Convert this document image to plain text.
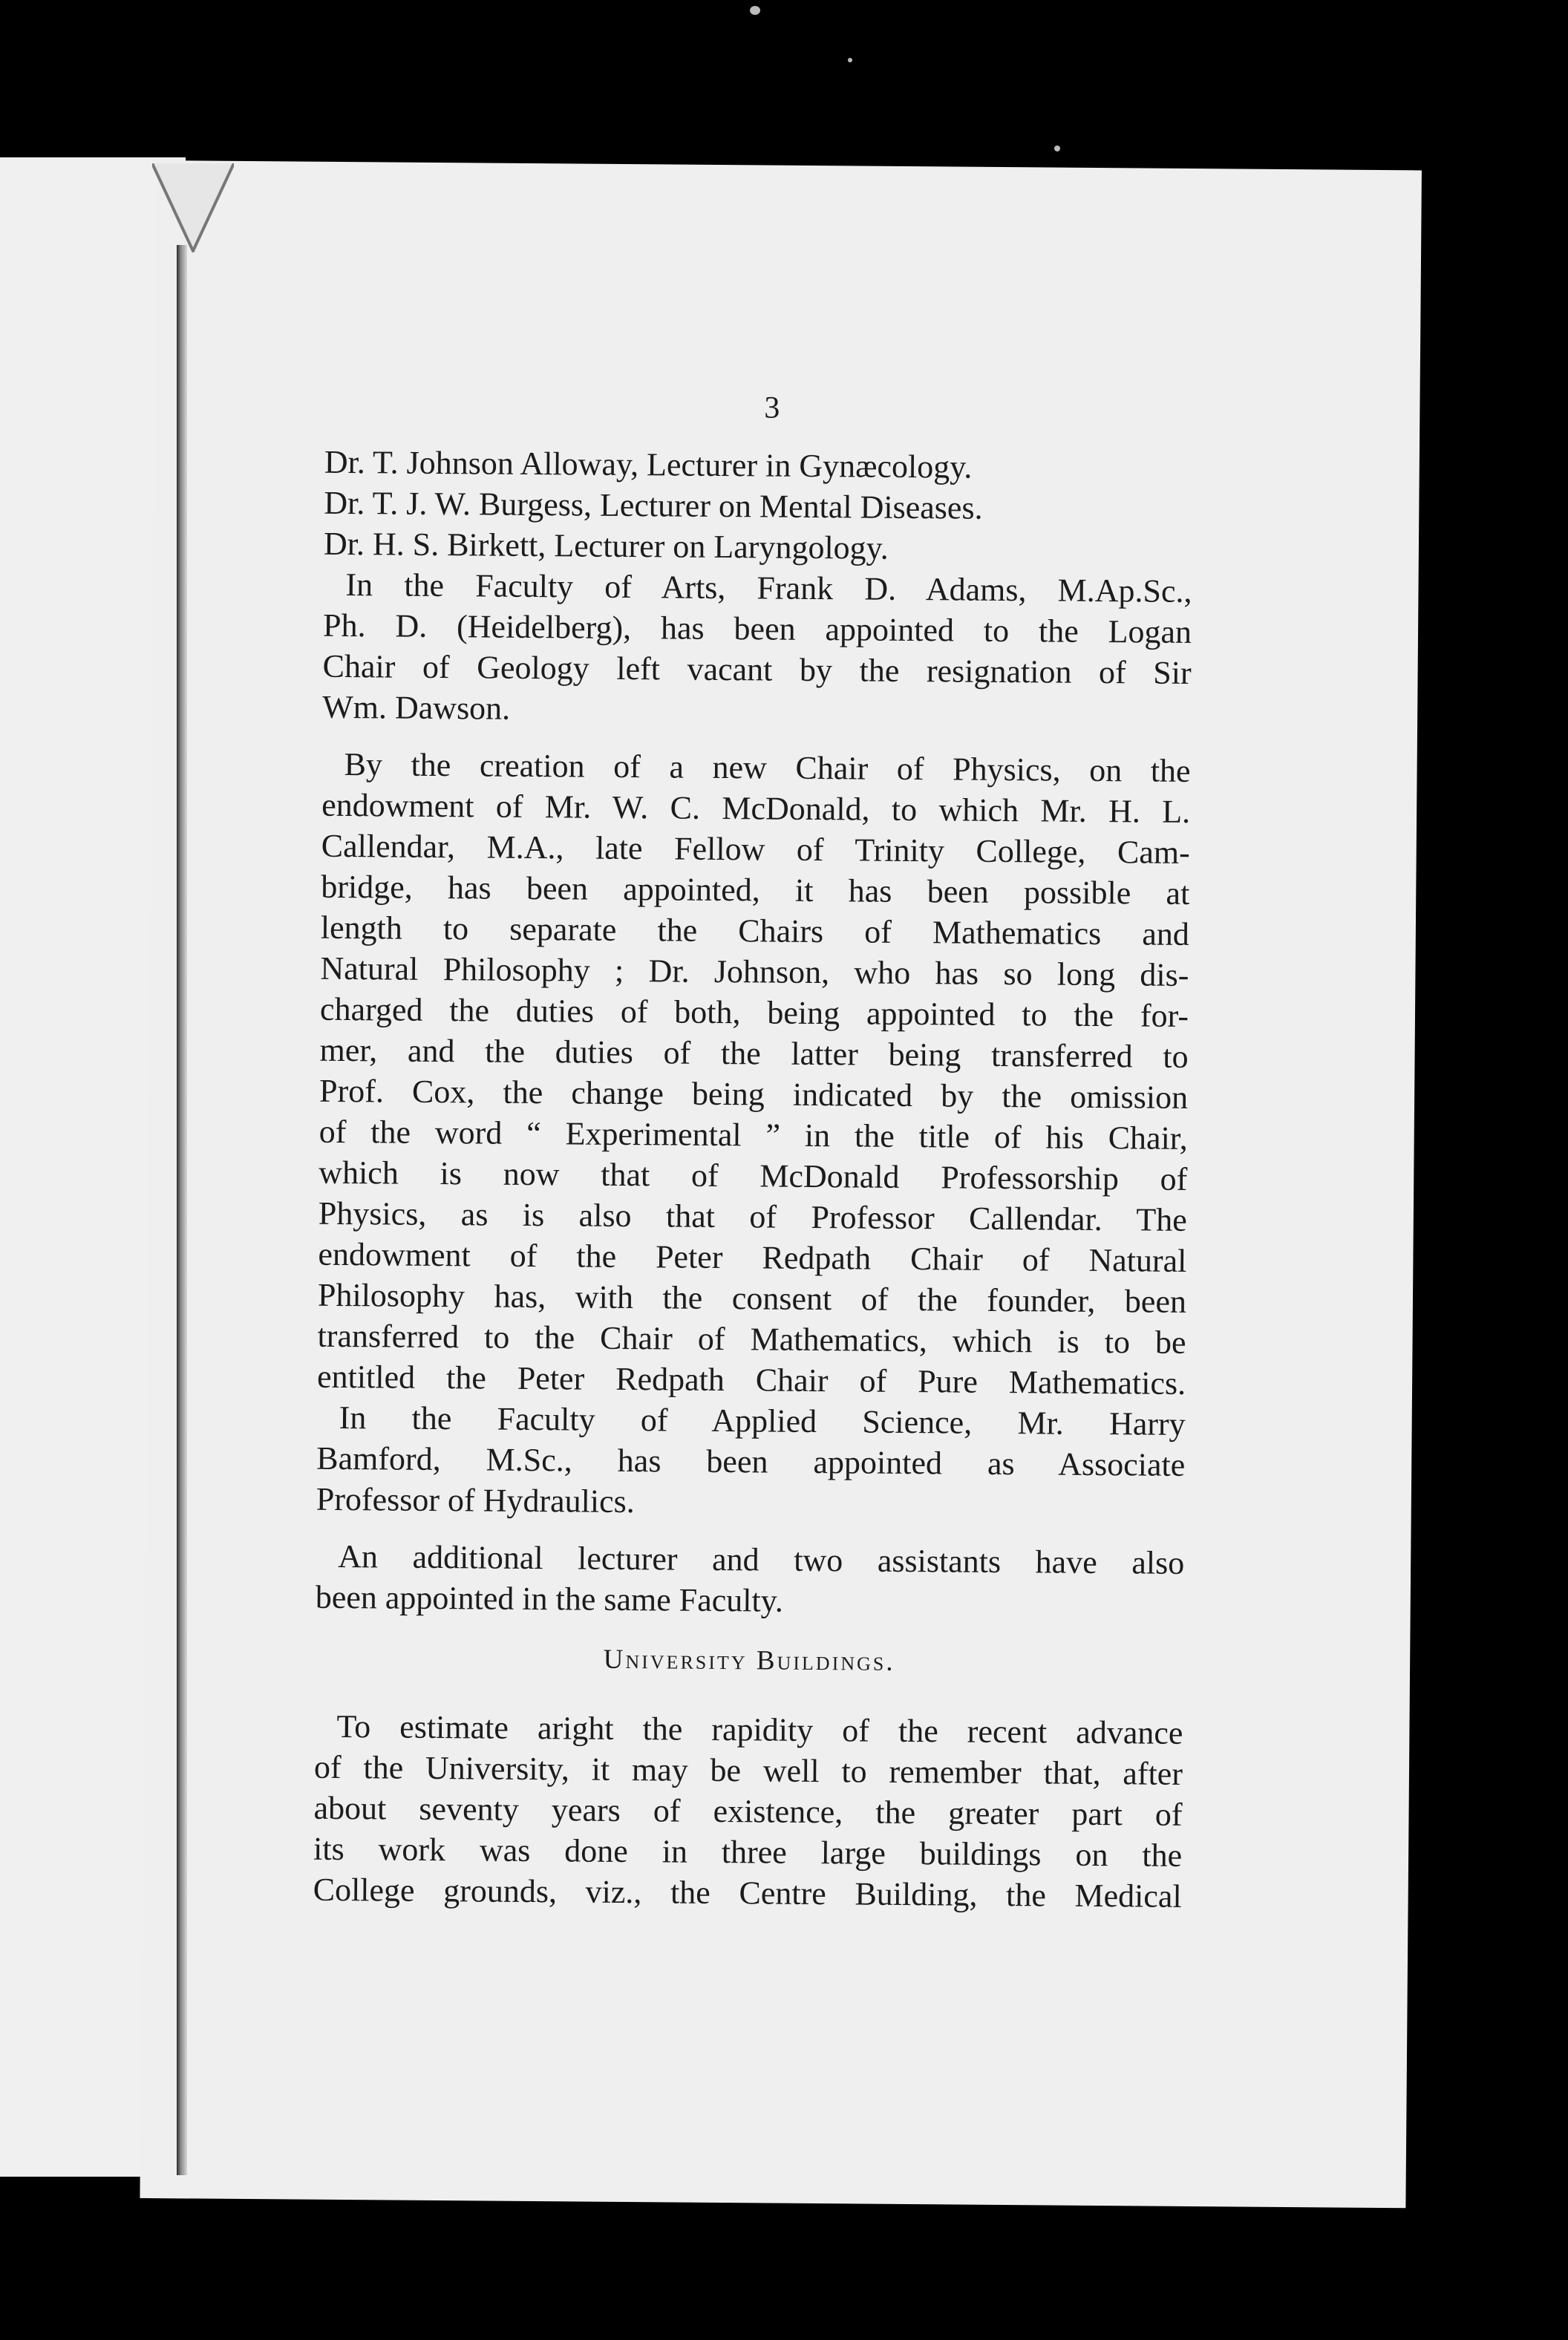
3
Dr. T. Johnson Alloway, Lecturer in Gynæcology.
Dr. T. J. W. Burgess, Lecturer on Mental Diseases.
Dr. H. S. Birkett, Lecturer on Laryngology.
In the Faculty of Arts, Frank D. Adams, M.Ap.Sc.,
Ph. D. (Heidelberg), has been appointed to the Logan
Chair of Geology left vacant by the resignation of Sir
Wm. Dawson.
By the creation of a new Chair of Physics, on the
endowment of Mr. W. C. McDonald, to which Mr. H. L.
Callendar, M.A., late Fellow of Trinity College, Cam-
bridge, has been appointed, it has been possible at
length to separate the Chairs of Mathematics and
Natural Philosophy ; Dr. Johnson, who has so long dis-
charged the duties of both, being appointed to the for-
mer, and the duties of the latter being transferred to
Prof. Cox, the change being indicated by the omission
of the word “ Experimental ” in the title of his Chair,
which is now that of McDonald Professorship of
Physics, as is also that of Professor Callendar. The
endowment of the Peter Redpath Chair of Natural
Philosophy has, with the consent of the founder, been
transferred to the Chair of Mathematics, which is to be
entitled the Peter Redpath Chair of Pure Mathematics.
In the Faculty of Applied Science, Mr. Harry
Bamford, M.Sc., has been appointed as Associate
Professor of Hydraulics.
An additional lecturer and two assistants have also
been appointed in the same Faculty.
University Buildings.
To estimate aright the rapidity of the recent advance
of the University, it may be well to remember that, after
about seventy years of existence, the greater part of
its work was done in three large buildings on the
College grounds, viz., the Centre Building, the Medical
